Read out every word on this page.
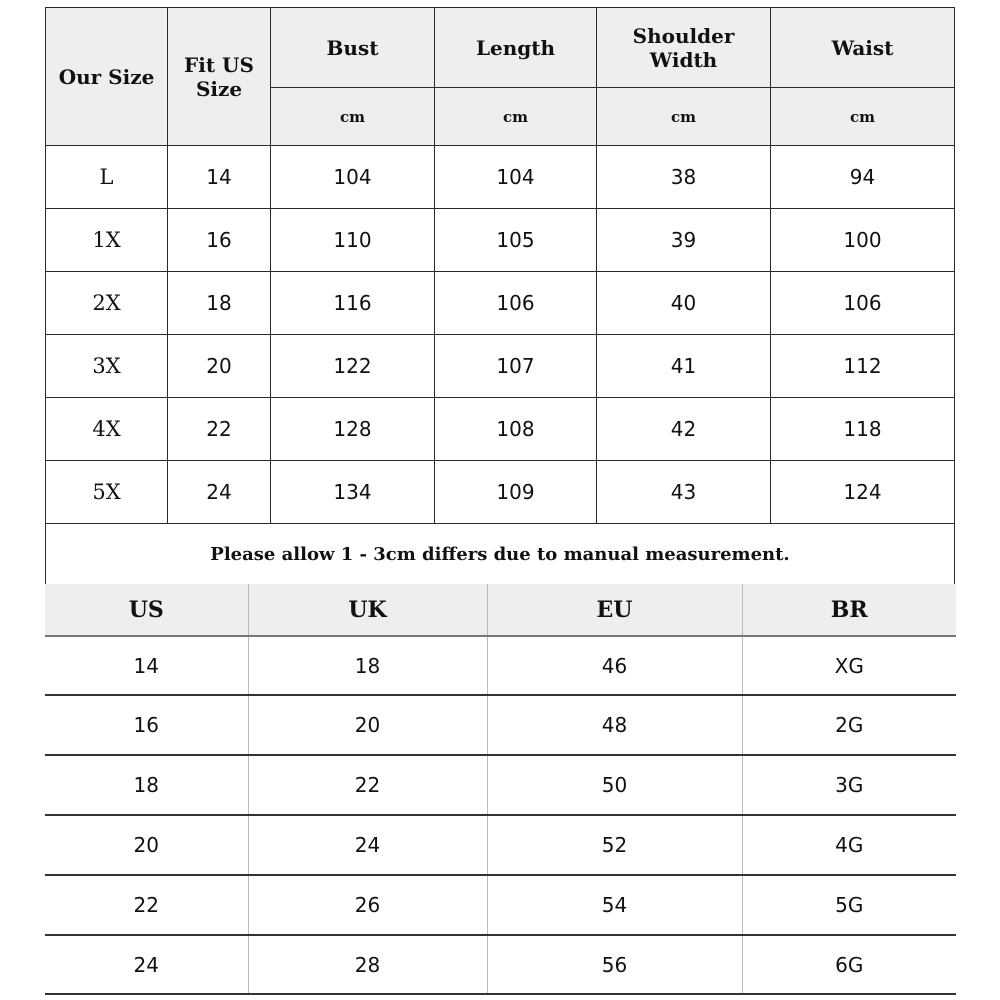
Our Size	Fit US Size	Bust	Length	Shoulder Width	Waist
		cm	cm	cm	cm
L	14	104	104	38	94
1X	16	110	105	39	100
2X	18	116	106	40	106
3X	20	122	107	41	112
4X	22	128	108	42	118
5X	24	134	109	43	124
Please allow 1 - 3cm differs due to manual measurement.					
US	UK	EU	BR
14	18	46	XG
16	20	48	2G
18	22	50	3G
20	24	52	4G
22	26	54	5G
24	28	56	6G
